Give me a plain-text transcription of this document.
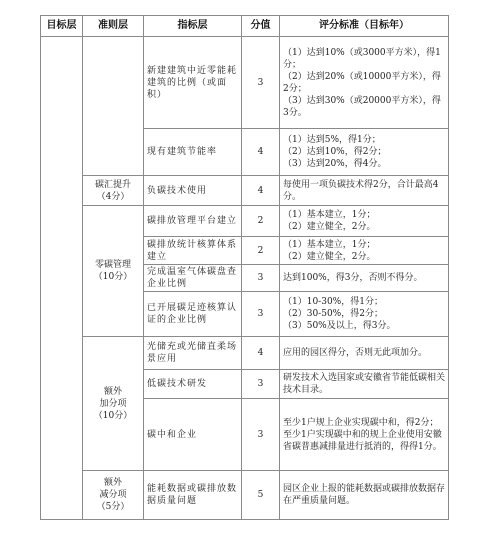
目标层	准则层	指标层	分值	评分标准（目标年）
		新建建筑中近零能耗建筑的比例（或面积）	3	（1）达到10%（或3000平方米），得1分；
（2）达到20%（或10000平方米），得2分；
（3）达到30%（或20000平方米），得3分。

		现有建筑节能率	4	（1）达到5%，得1分；
（2）达到10%，得2分；
（3）达到20%，得4分。

	碳汇提升
（4分）	负碳技术使用	4	每使用一项负碳技术得2分，合计最高4分。

	零碳管理
（10分）	碳排放管理平台建立	2	（1）基本建立，1分；
（2）建立健全，2分。

		碳排放统计核算体系建立	2	（1）基本建立，1分；
（2）建立健全，2分。

		完成温室气体碳盘查企业比例	3	达到100%，得3分，否则不得分。

		已开展碳足迹核算认证的企业比例	3	（1）10-30%，得1分；
（2）30-50%，得2分；
（3）50%及以上，得3分。

	额外
加分项
（10分）	光储充或光储直柔场景应用	4	应用的园区得分，否则无此项加分。

		低碳技术研发	3	研发技术入选国家或安徽省节能低碳相关技术目录。

		碳中和企业	3	至少1户规上企业实现碳中和，得2分；
至少1户实现碳中和的规上企业使用安徽省碳普惠减排量进行抵消的，得得1分。

	额外
减分项
（5分）	能耗数据或碳排放数据质量问题	5	园区企业上报的能耗数据或碳排放数据存在严重质量问题。
